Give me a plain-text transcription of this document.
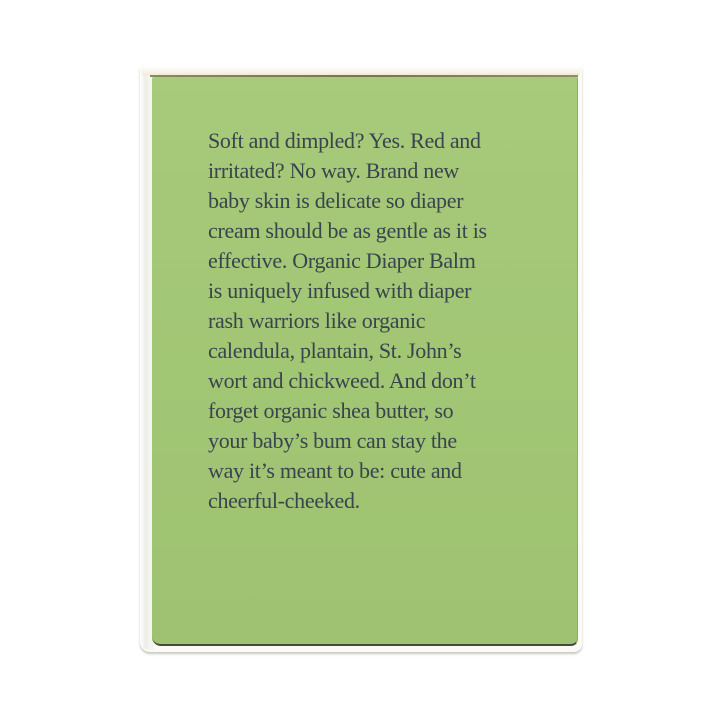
Soft and dimpled? Yes. Red and
irritated? No way. Brand new
baby skin is delicate so diaper
cream should be as gentle as it is
effective. Organic Diaper Balm
is uniquely infused with diaper
rash warriors like organic
calendula, plantain, St. John’s
wort and chickweed. And don’t
forget organic shea butter, so
your baby’s bum can stay the
way it’s meant to be: cute and
cheerful-cheeked.
